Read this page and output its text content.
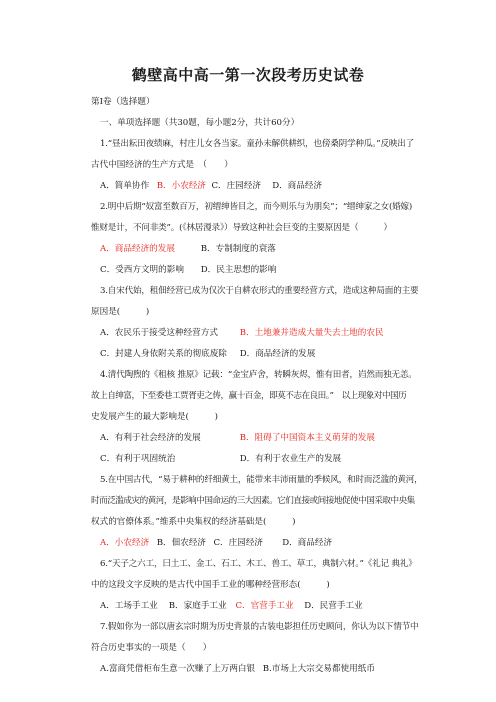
鹤壁高中高一第一次段考历史试卷
第Ⅰ卷（选择题）
一、单项选择题（共30题，每小题2分，共计60分）
1.“昼出耘田夜绩麻，村庄儿女各当家。童孙未解供耕织，也傍桑阴学种瓜。”反映出了
古代中国经济的生产方式是　（　　）
A．简单协作 B．小农经济 C．庄园经济 D．商品经济
2.明中后期“奴富至数百万，初缙绅皆目之，而今则乐与为朋矣”；“缙绅家之女(婚嫁)
惟财是计，不问非类”。(《林居漫录》）导致这种社会巨变的主要原因是（　　　）
A．商品经济的发展	B．专制制度的衰落
C．受西方文明的影响 D．民主思想的影响
3.自宋代始，租佃经营已成为仅次于自耕农形式的重要经营方式，造成这种局面的主要
原因是(　　　)
A．农民乐于接受这种经营方式	B．土地兼并造成大量失去土地的农民
C．封建人身依附关系的彻底废除 D．商品经济的发展
4.清代陶煦的《租核 推原》记载：“金宝庐舍，转瞬灰烬，惟有田者，岿然而独无恙。
故上自绅富，下至委巷工贾胥吏之俦，赢十百金，即莫不志在良田。”　以上现象对中国历
史发展产生的最大影响是(　　　)
A．有利于社会经济的发展	B．阻碍了中国资本主义萌芽的发展
C．有利于巩固统治	D．有利于农业生产的发展
5.在中国古代，“易于耕种的纤细黄土，能带来丰沛雨量的季候风，和时而泛滥的黄河，
时而泛滥成灾的黄河，是影响中国命运的三大因素。它们直接或间接地促使中国采取中央集
权式的官僚体系。”维系中央集权的经济基础是(　　　)
A．小农经济 B．佃农经济 C．庄园经济 D．商品经济
6.“天子之六工，曰土工、金工、石工、木工、兽工、草工，典制六材。”《礼记 典礼》
中的这段文字反映的是古代中国手工业的哪种经营形态(　　　)
A．工场手工业 B．家庭手工业 C．官营手工业 D．民营手工业
7.假如你为一部以唐玄宗时期为历史背景的古装电影担任历史顾问，你认为以下情节中
符合历史事实的一项是（　　）
A.富商凭借柜布生意一次赚了上万两白银 B.市场上大宗交易都使用纸币
